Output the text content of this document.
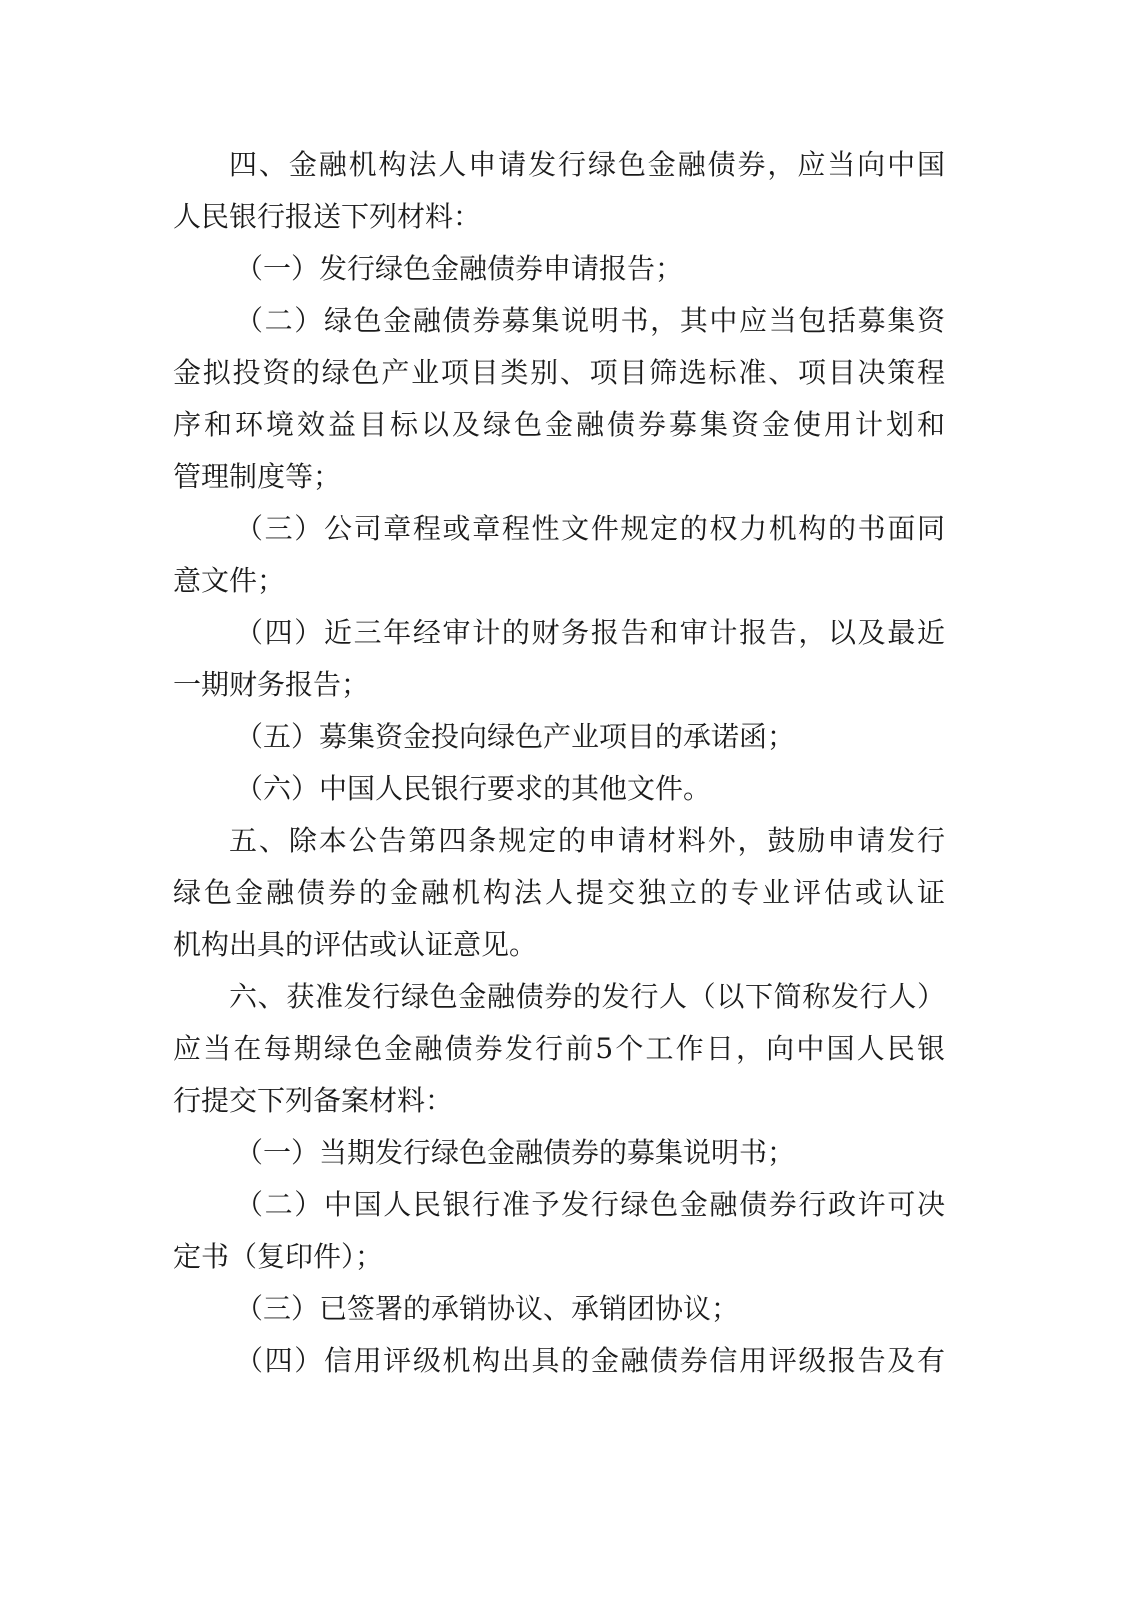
四、金融机构法人申请发行绿色金融债券，应当向中国
人民银行报送下列材料：
（一）发行绿色金融债券申请报告；
（二）绿色金融债券募集说明书，其中应当包括募集资
金拟投资的绿色产业项目类别、项目筛选标准、项目决策程
序和环境效益目标以及绿色金融债券募集资金使用计划和
管理制度等；
（三）公司章程或章程性文件规定的权力机构的书面同
意文件；
（四）近三年经审计的财务报告和审计报告，以及最近
一期财务报告；
（五）募集资金投向绿色产业项目的承诺函；
（六）中国人民银行要求的其他文件。
五、除本公告第四条规定的申请材料外，鼓励申请发行
绿色金融债券的金融机构法人提交独立的专业评估或认证
机构出具的评估或认证意见。
六、获准发行绿色金融债券的发行人（以下简称发行人）
应当在每期绿色金融债券发行前5个工作日，向中国人民银
行提交下列备案材料：
（一）当期发行绿色金融债券的募集说明书；
（二）中国人民银行准予发行绿色金融债券行政许可决
定书（复印件）；
（三）已签署的承销协议、承销团协议；
（四）信用评级机构出具的金融债券信用评级报告及有
